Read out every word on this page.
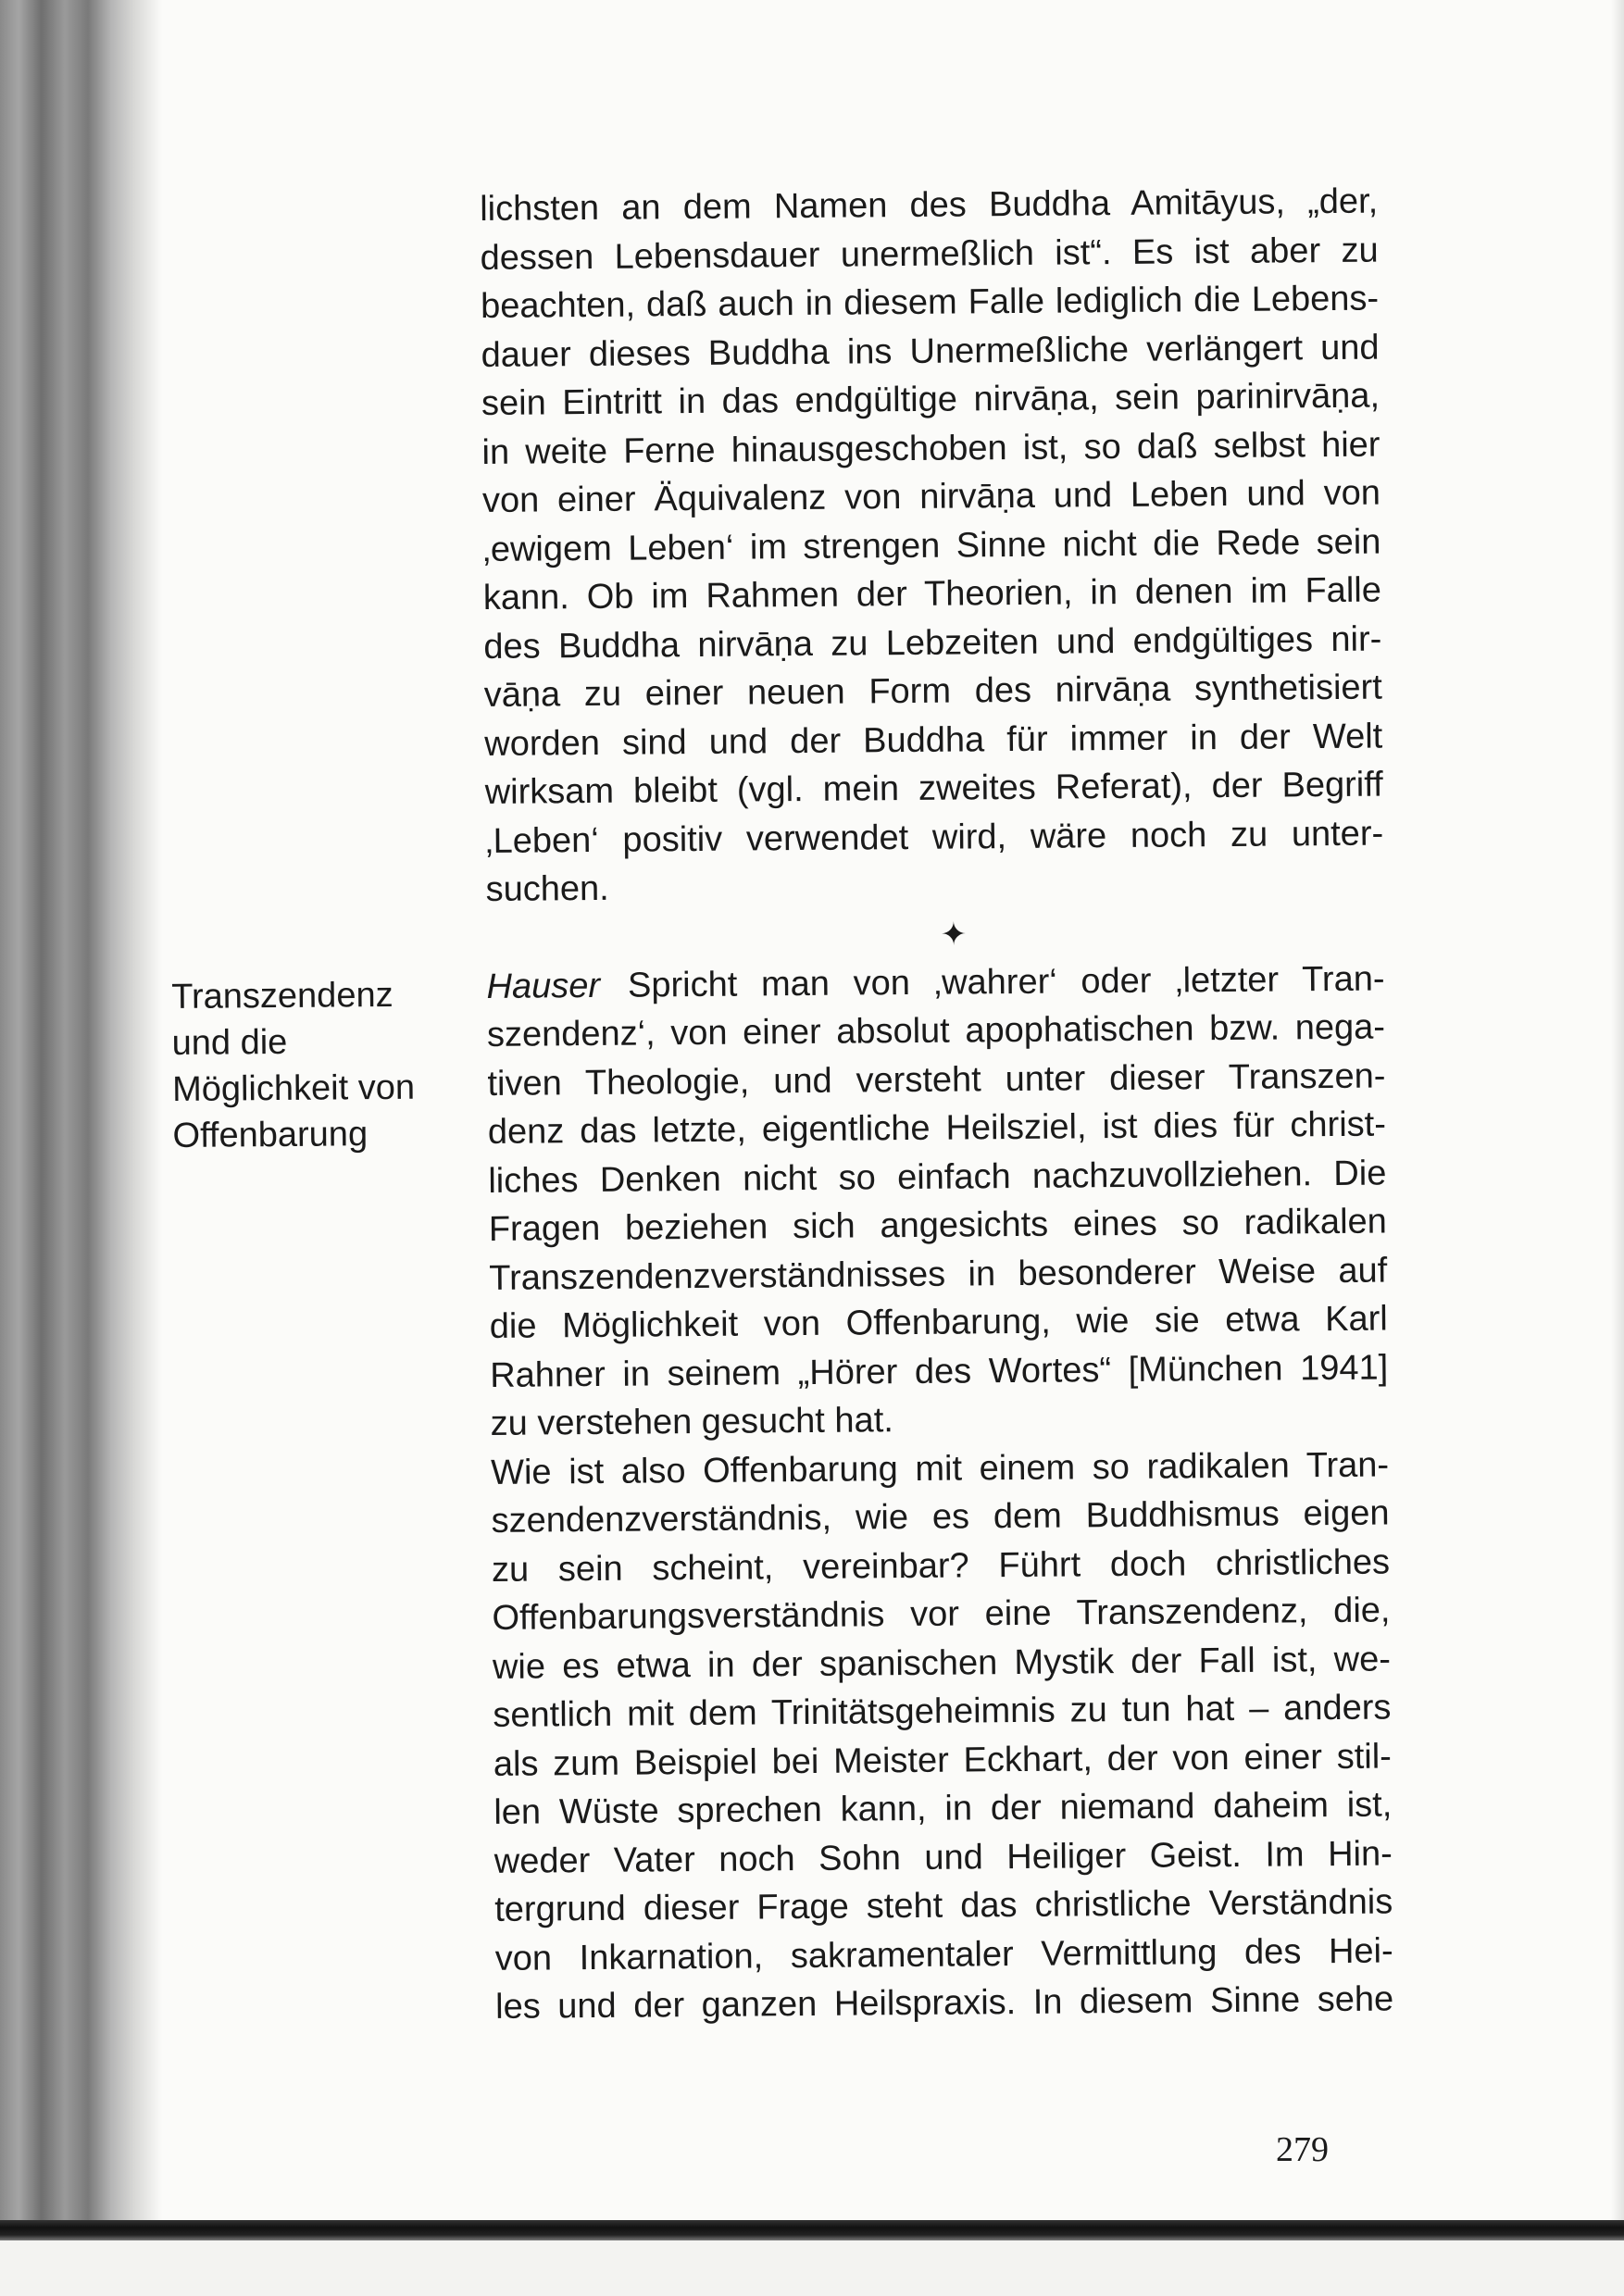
lichsten an dem Namen des Buddha Amitāyus, „der,
dessen Lebensdauer unermeßlich ist“. Es ist aber zu
beachten, daß auch in diesem Falle lediglich die Lebens-
dauer dieses Buddha ins Unermeßliche verlängert und
sein Eintritt in das endgültige nirvāṇa, sein parinirvāṇa,
in weite Ferne hinausgeschoben ist, so daß selbst hier
von einer Äquivalenz von nirvāṇa und Leben und von
‚ewigem Leben‘ im strengen Sinne nicht die Rede sein
kann. Ob im Rahmen der Theorien, in denen im Falle
des Buddha nirvāṇa zu Lebzeiten und endgültiges nir-
vāṇa zu einer neuen Form des nirvāṇa synthetisiert
worden sind und der Buddha für immer in der Welt
wirksam bleibt (vgl. mein zweites Referat), der Begriff
‚Leben‘ positiv verwendet wird, wäre noch zu unter-
suchen.

✦

Hauser Spricht man von ‚wahrer‘ oder ‚letzter Tran-
szendenz‘, von einer absolut apophatischen bzw. nega-
tiven Theologie, und versteht unter dieser Transzen-
denz das letzte, eigentliche Heilsziel, ist dies für christ-
liches Denken nicht so einfach nachzuvollziehen. Die
Fragen beziehen sich angesichts eines so radikalen
Transzendenzverständnisses in besonderer Weise auf
die Möglichkeit von Offenbarung, wie sie etwa Karl
Rahner in seinem „Hörer des Wortes“ [München 1941]
zu verstehen gesucht hat.

Wie ist also Offenbarung mit einem so radikalen Tran-
szendenzverständnis, wie es dem Buddhismus eigen
zu sein scheint, vereinbar? Führt doch christliches
Offenbarungsverständnis vor eine Transzendenz, die,
wie es etwa in der spanischen Mystik der Fall ist, we-
sentlich mit dem Trinitätsgeheimnis zu tun hat – anders
als zum Beispiel bei Meister Eckhart, der von einer stil-
len Wüste sprechen kann, in der niemand daheim ist,
weder Vater noch Sohn und Heiliger Geist. Im Hin-
tergrund dieser Frage steht das christliche Verständnis
von Inkarnation, sakramentaler Vermittlung des Hei-
les und der ganzen Heilspraxis. In diesem Sinne sehe

Transzendenz
und die
Möglichkeit von
Offenbarung
279
